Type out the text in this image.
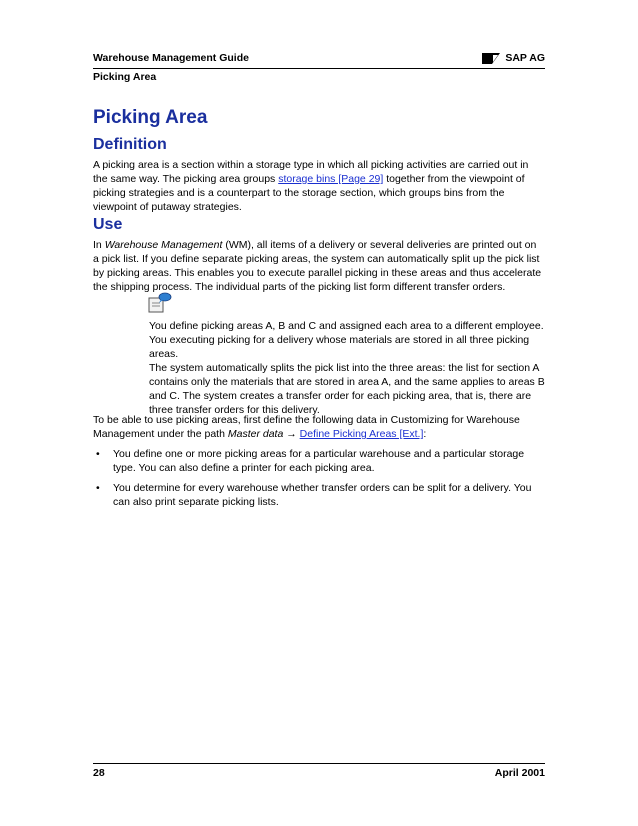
Warehouse Management Guide	SAP AG
Picking Area
Picking Area
Definition

A picking area is a section within a storage type in which all picking activities are carried out in the same way. The picking area groups storage bins [Page 29] together from the viewpoint of picking strategies and is a counterpart to the storage section, which groups bins from the viewpoint of putaway strategies.

Use

In Warehouse Management (WM), all items of a delivery or several deliveries are printed out on a pick list. If you define separate picking areas, the system can automatically split up the pick list by picking areas. This enables you to execute parallel picking in these areas and thus accelerate the shipping process. The individual parts of the picking list form different transfer orders.

You define picking areas A, B and C and assigned each area to a different employee. You executing picking for a delivery whose materials are stored in all three picking areas.

The system automatically splits the pick list into the three areas: the list for section A contains only the materials that are stored in area A, and the same applies to areas B and C. The system creates a transfer order for each picking area, that is, there are three transfer orders for this delivery.

To be able to use picking areas, first define the following data in Customizing for Warehouse Management under the path Master data → Define Picking Areas [Ext.]:

• You define one or more picking areas for a particular warehouse and a particular storage type. You can also define a printer for each picking area.
• You determine for every warehouse whether transfer orders can be split for a delivery. You can also print separate picking lists.
28	April 2001
